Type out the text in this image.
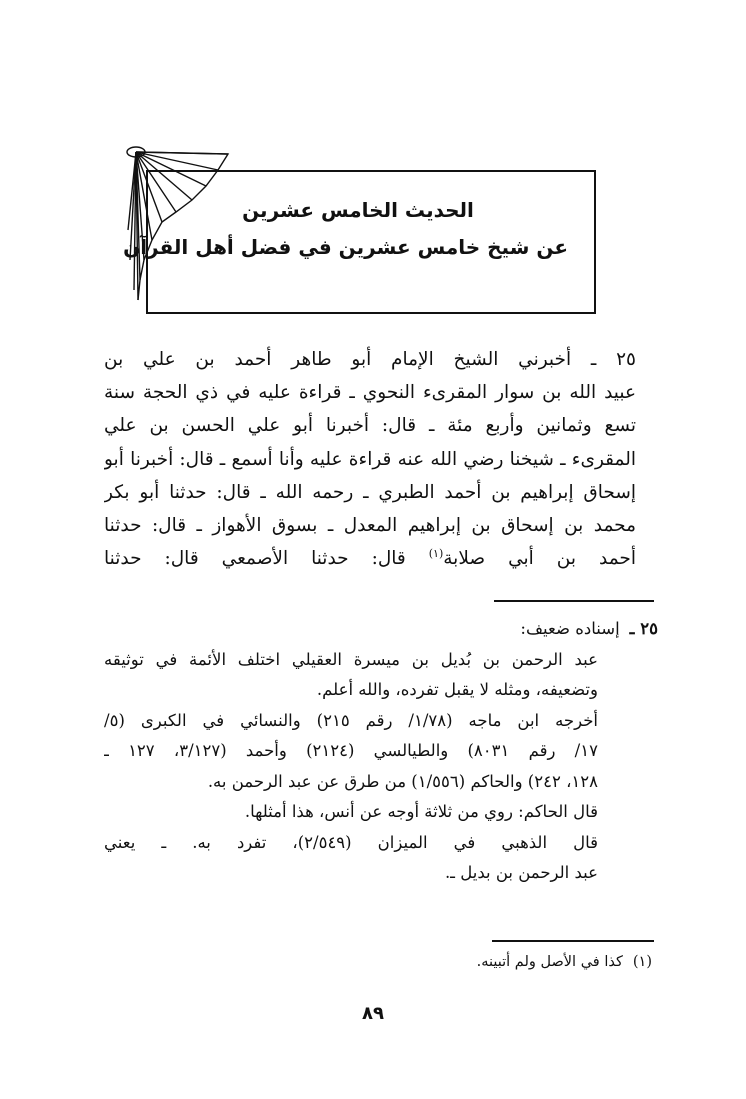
الحديث الخامس عشرين
عن شيخ خامس عشرين في فضل أهل القرآن
٢٥ ـ أخبرني الشيخ الإمام أبو طاهر أحمد بن علي بن
عبيد الله بن سوار المقرىء النحوي ـ قراءة عليه في ذي الحجة سنة
تسع وثمانين وأربع مئة ـ قال: أخبرنا أبو علي الحسن بن علي
المقرىء ـ شيخنا رضي الله عنه قراءة عليه وأنا أسمع ـ قال: أخبرنا أبو
إسحاق إبراهيم بن أحمد الطبري ـ رحمه الله ـ قال: حدثنا أبو بكر
محمد بن إسحاق بن إبراهيم المعدل ـ بسوق الأهواز ـ قال: حدثنا
أحمد بن أبي صلابة$^{(١)}$ قال: حدثنا الأصمعي قال: حدثنا
٢٥ ـإسناده ضعيف:
عبد الرحمن بن بُديل بن ميسرة العقيلي اختلف الأئمة في توثيقه
وتضعيفه، ومثله لا يقبل تفرده، والله أعلم.
أخرجه ابن ماجه (١/٧٨/ رقم ٢١٥) والنسائي في الكبرى (٥/
١٧/ رقم ٨٠٣١) والطيالسي (٢١٢٤) وأحمد (٣/١٢٧، ١٢٧ ـ
١٢٨، ٢٤٢) والحاكم (١/٥٥٦) من طرق عن عبد الرحمن به.
قال الحاكم: روي من ثلاثة أوجه عن أنس، هذا أمثلها.
قال الذهبي في الميزان (٢/٥٤٩)، تفرد به. ـ يعني
عبد الرحمن بن بديل ـ.
(١)كذا في الأصل ولم أتبينه.
٨٩
